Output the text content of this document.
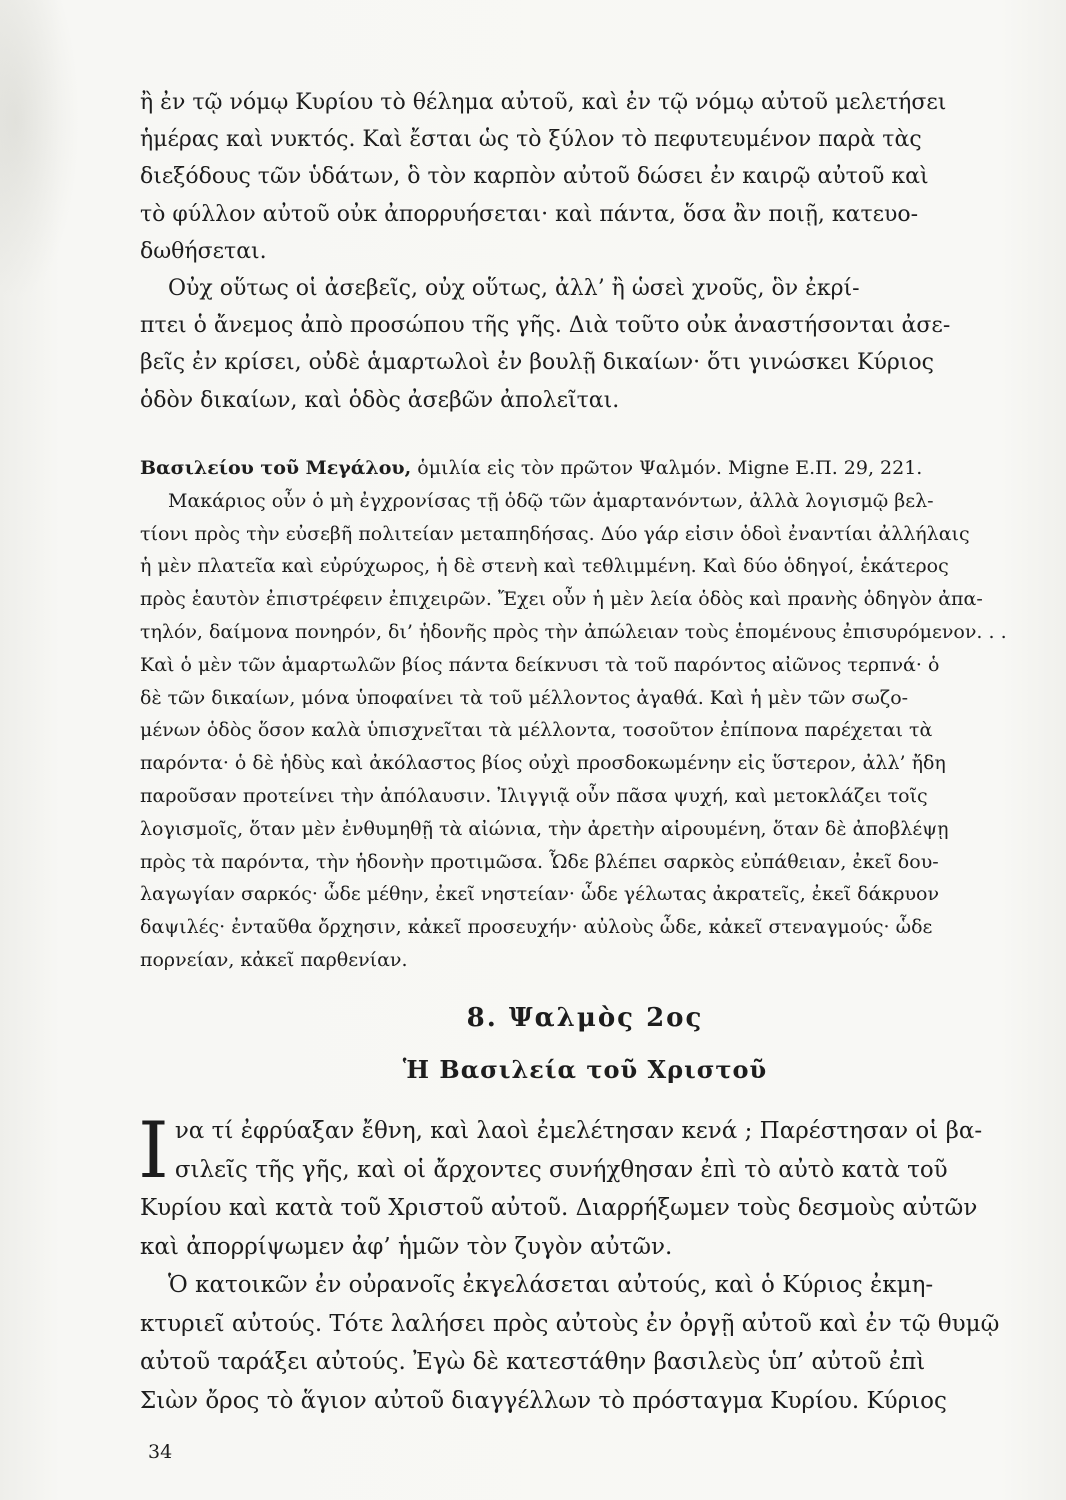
ἢ ἐν τῷ νόμῳ Κυρίου τὸ θέλημα αὐτοῦ, καὶ ἐν τῷ νόμῳ αὐτοῦ μελετήσει
ἡμέρας καὶ νυκτός. Καὶ ἔσται ὡς τὸ ξύλον τὸ πεφυτευμένον παρὰ τὰς
διεξόδους τῶν ὑδάτων, ὃ τὸν καρπὸν αὐτοῦ δώσει ἐν καιρῷ αὐτοῦ καὶ
τὸ φύλλον αὐτοῦ οὐκ ἀπορρυήσεται· καὶ πάντα, ὅσα ἂν ποιῇ, κατευο-
δωθήσεται.
Οὐχ οὕτως οἱ ἀσεβεῖς, οὐχ οὕτως, ἀλλ’ ἢ ὡσεὶ χνοῦς, ὃν ἐκρί-
πτει ὁ ἄνεμος ἀπὸ προσώπου τῆς γῆς. Διὰ τοῦτο οὐκ ἀναστήσονται ἀσε-
βεῖς ἐν κρίσει, οὐδὲ ἁμαρτωλοὶ ἐν βουλῇ δικαίων· ὅτι γινώσκει Κύριος
ὁδὸν δικαίων, καὶ ὁδὸς ἀσεβῶν ἀπολεῖται.
Βασιλείου τοῦ Μεγάλου, ὁμιλία εἰς τὸν πρῶτον Ψαλμόν. Migne Ε.Π. 29, 221.
Μακάριος οὖν ὁ μὴ ἐγχρονίσας τῇ ὁδῷ τῶν ἁμαρτανόντων, ἀλλὰ λογισμῷ βελ-
τίονι πρὸς τὴν εὐσεβῆ πολιτείαν μεταπηδήσας. Δύο γάρ εἰσιν ὁδοὶ ἐναντίαι ἀλλήλαις
ἡ μὲν πλατεῖα καὶ εὐρύχωρος, ἡ δὲ στενὴ καὶ τεθλιμμένη. Καὶ δύο ὁδηγοί, ἑκάτερος
πρὸς ἑαυτὸν ἐπιστρέφειν ἐπιχειρῶν. Ἔχει οὖν ἡ μὲν λεία ὁδὸς καὶ πρανὴς ὁδηγὸν ἀπα-
τηλόν, δαίμονα πονηρόν, δι’ ἡδονῆς πρὸς τὴν ἀπώλειαν τοὺς ἑπομένους ἐπισυρόμενον. . .
Καὶ ὁ μὲν τῶν ἁμαρτωλῶν βίος πάντα δείκνυσι τὰ τοῦ παρόντος αἰῶνος τερπνά· ὁ
δὲ τῶν δικαίων, μόνα ὑποφαίνει τὰ τοῦ μέλλοντος ἀγαθά. Καὶ ἡ μὲν τῶν σωζο-
μένων ὁδὸς ὅσον καλὰ ὑπισχνεῖται τὰ μέλλοντα, τοσοῦτον ἐπίπονα παρέχεται τὰ
παρόντα· ὁ δὲ ἡδὺς καὶ ἀκόλαστος βίος οὐχὶ προσδοκωμένην εἰς ὕστερον, ἀλλ’ ἤδη
παροῦσαν προτείνει τὴν ἀπόλαυσιν. Ἰλιγγιᾷ οὖν πᾶσα ψυχή, καὶ μετοκλάζει τοῖς
λογισμοῖς, ὅταν μὲν ἐνθυμηθῇ τὰ αἰώνια, τὴν ἀρετὴν αἱρουμένη, ὅταν δὲ ἀποβλέψῃ
πρὸς τὰ παρόντα, τὴν ἡδονὴν προτιμῶσα. Ὧδε βλέπει σαρκὸς εὐπάθειαν, ἐκεῖ δου-
λαγωγίαν σαρκός· ὧδε μέθην, ἐκεῖ νηστείαν· ὧδε γέλωτας ἀκρατεῖς, ἐκεῖ δάκρυον
δαψιλές· ἐνταῦθα ὄρχησιν, κἀκεῖ προσευχήν· αὐλοὺς ὧδε, κἀκεῖ στεναγμούς· ὧδε
πορνείαν, κἀκεῖ παρθενίαν.
8. Ψαλμὸς 2ος
Ἡ Βασιλεία τοῦ Χριστοῦ
Ι να τί ἐφρύαξαν ἔθνη, καὶ λαοὶ ἐμελέτησαν κενά ; Παρέστησαν οἱ βα-
σιλεῖς τῆς γῆς, καὶ οἱ ἄρχοντες συνήχθησαν ἐπὶ τὸ αὐτὸ κατὰ τοῦ
Κυρίου καὶ κατὰ τοῦ Χριστοῦ αὐτοῦ. Διαρρήξωμεν τοὺς δεσμοὺς αὐτῶν
καὶ ἀπορρίψωμεν ἀφ’ ἡμῶν τὸν ζυγὸν αὐτῶν.
Ὁ κατοικῶν ἐν οὐρανοῖς ἐκγελάσεται αὐτούς, καὶ ὁ Κύριος ἐκμη-
κτυριεῖ αὐτούς. Τότε λαλήσει πρὸς αὐτοὺς ἐν ὀργῇ αὐτοῦ καὶ ἐν τῷ θυμῷ
αὐτοῦ ταράξει αὐτούς. Ἐγὼ δὲ κατεστάθην βασιλεὺς ὑπ’ αὐτοῦ ἐπὶ
Σιὼν ὄρος τὸ ἅγιον αὐτοῦ διαγγέλλων τὸ πρόσταγμα Κυρίου. Κύριος
34
